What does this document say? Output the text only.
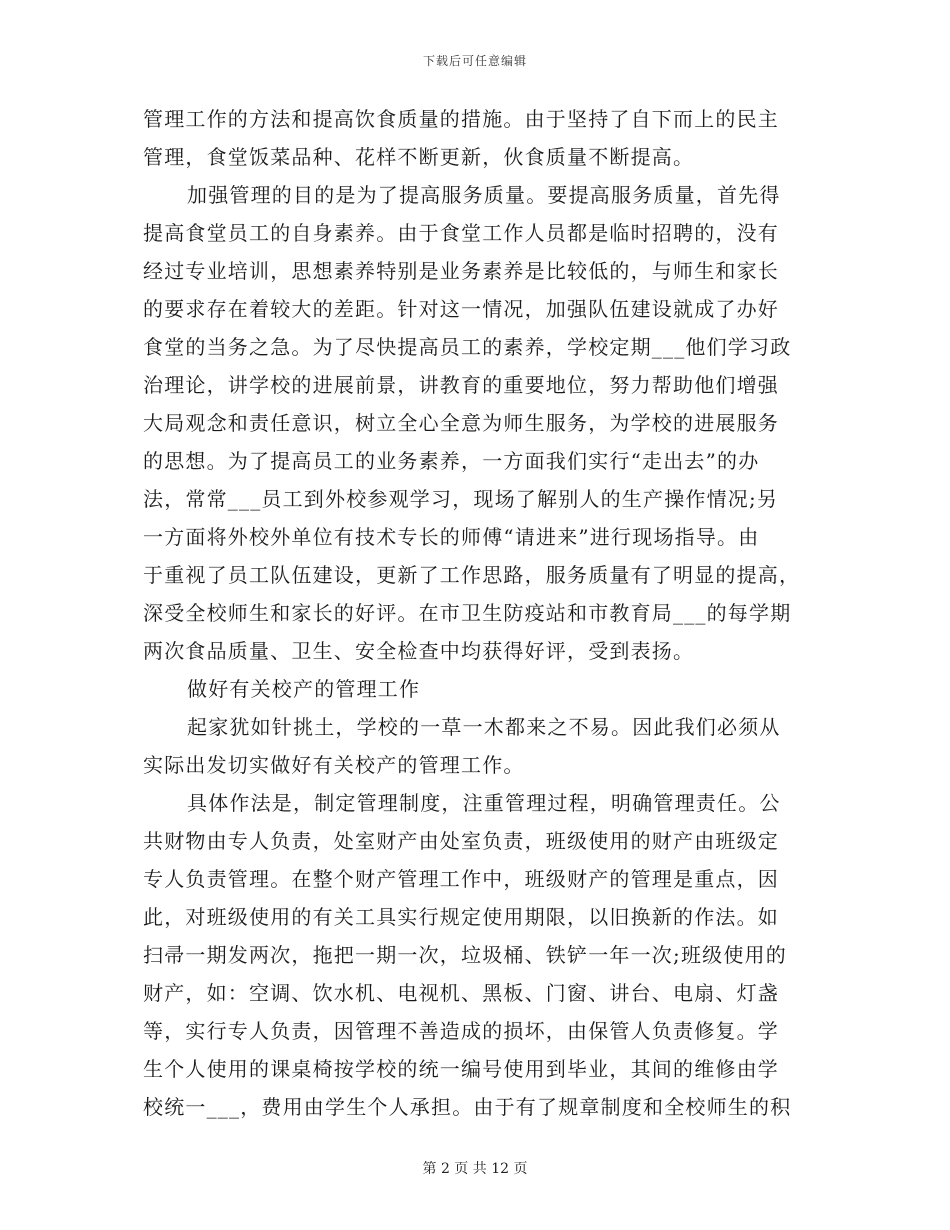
下载后可任意编辑
管理工作的方法和提高饮食质量的措施。由于坚持了自下而上的民主
管理，食堂饭菜品种、花样不断更新，伙食质量不断提高。
加强管理的目的是为了提高服务质量。要提高服务质量，首先得
提高食堂员工的自身素养。由于食堂工作人员都是临时招聘的，没有
经过专业培训，思想素养特别是业务素养是比较低的，与师生和家长
的要求存在着较大的差距。针对这一情况，加强队伍建设就成了办好
食堂的当务之急。为了尽快提高员工的素养，学校定期___他们学习政
治理论，讲学校的进展前景，讲教育的重要地位，努力帮助他们增强
大局观念和责任意识，树立全心全意为师生服务，为学校的进展服务
的思想。为了提高员工的业务素养，一方面我们实行“走出去”的办
法，常常___员工到外校参观学习，现场了解别人的生产操作情况;另
一方面将外校外单位有技术专长的师傅“请进来”进行现场指导。由
于重视了员工队伍建设，更新了工作思路，服务质量有了明显的提高，
深受全校师生和家长的好评。在市卫生防疫站和市教育局___的每学期
两次食品质量、卫生、安全检查中均获得好评，受到表扬。
做好有关校产的管理工作
起家犹如针挑土，学校的一草一木都来之不易。因此我们必须从
实际出发切实做好有关校产的管理工作。
具体作法是，制定管理制度，注重管理过程，明确管理责任。公
共财物由专人负责，处室财产由处室负责，班级使用的财产由班级定
专人负责管理。在整个财产管理工作中，班级财产的管理是重点，因
此，对班级使用的有关工具实行规定使用期限，以旧换新的作法。如
扫帚一期发两次，拖把一期一次，垃圾桶、铁铲一年一次;班级使用的
财产，如：空调、饮水机、电视机、黑板、门窗、讲台、电扇、灯盏
等，实行专人负责，因管理不善造成的损坏，由保管人负责修复。学
生个人使用的课桌椅按学校的统一编号使用到毕业，其间的维修由学
校统一___，费用由学生个人承担。由于有了规章制度和全校师生的积
第 2 页 共 12 页
